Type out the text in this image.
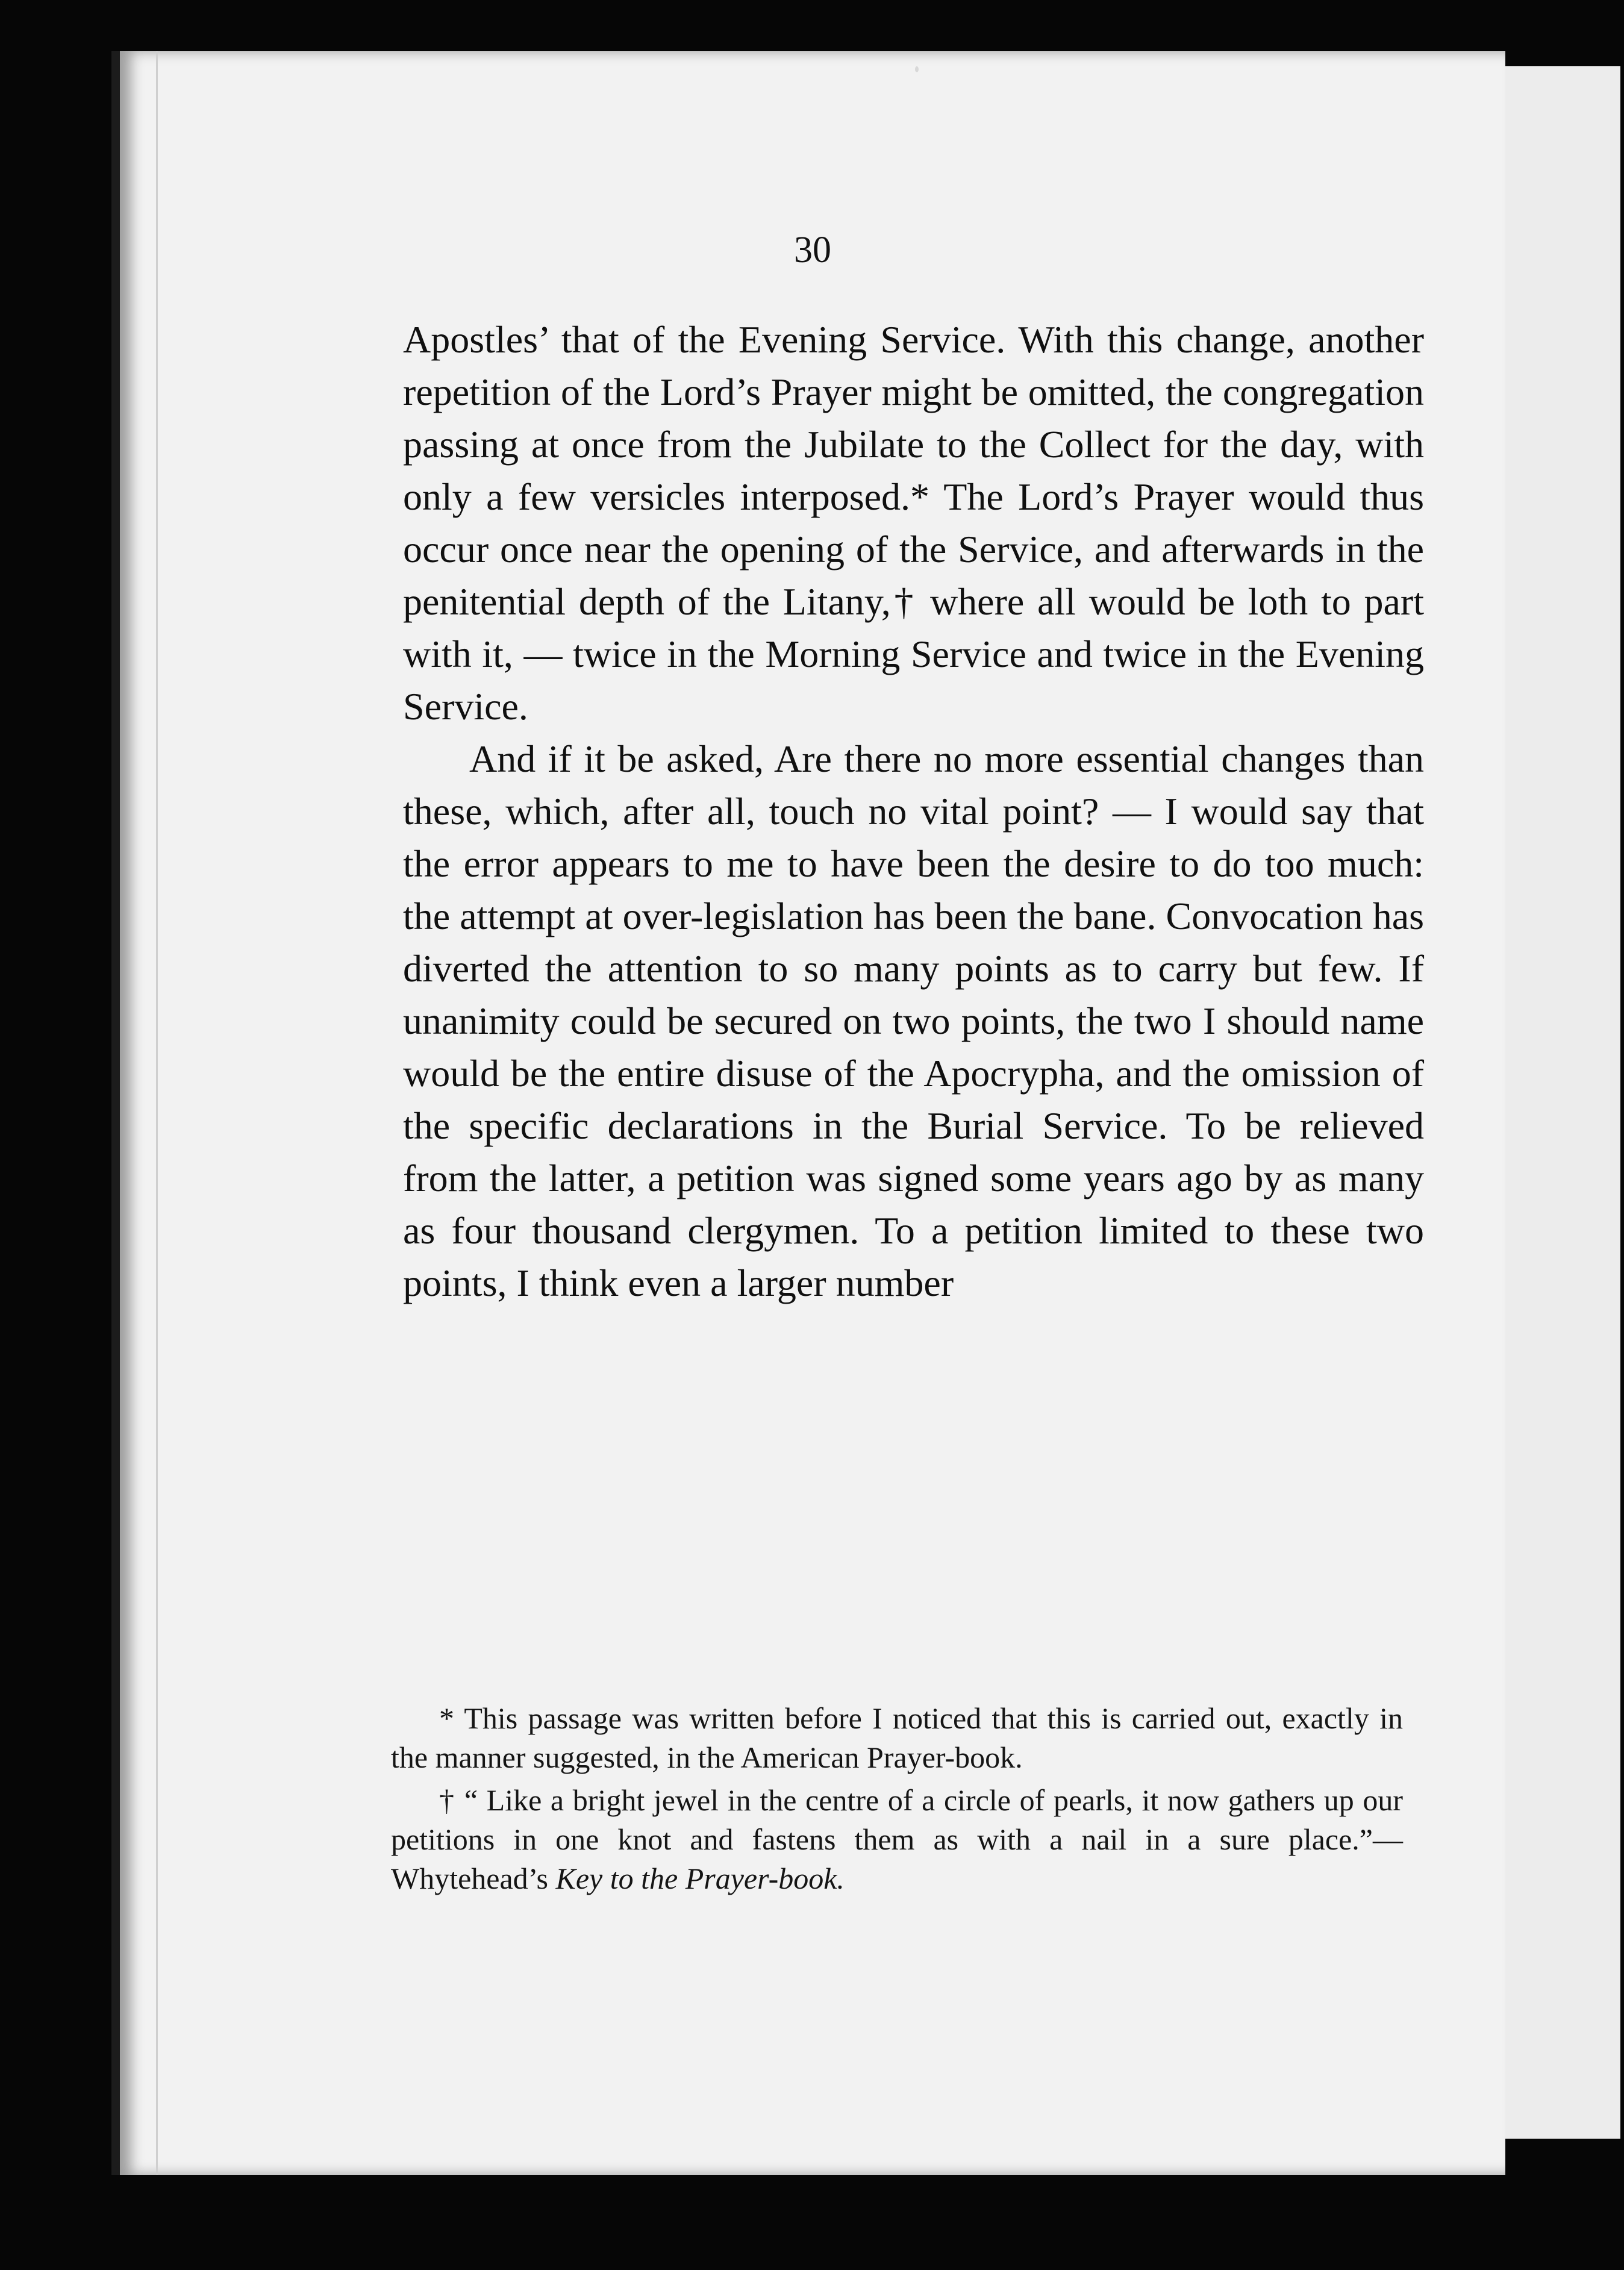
30

Apostles’ that of the Evening Service. With this change, another repetition of the Lord’s Prayer might be omitted, the congregation passing at once from the Jubilate to the Collect for the day, with only a few versicles interposed.* The Lord’s Prayer would thus occur once near the opening of the Service, and afterwards in the penitential depth of the Litany,† where all would be loth to part with it, — twice in the Morning Service and twice in the Evening Service.

And if it be asked, Are there no more essential changes than these, which, after all, touch no vital point? — I would say that the error appears to me to have been the desire to do too much: the attempt at over-legislation has been the bane. Convocation has diverted the attention to so many points as to carry but few. If unanimity could be secured on two points, the two I should name would be the entire disuse of the Apocrypha, and the omission of the specific declarations in the Burial Service. To be relieved from the latter, a petition was signed some years ago by as many as four thousand clergymen. To a petition limited to these two points, I think even a larger number

* This passage was written before I noticed that this is carried out, exactly in the manner suggested, in the American Prayer-book.

† “ Like a bright jewel in the centre of a circle of pearls, it now gathers up our petitions in one knot and fastens them as with a nail in a sure place.”—Whytehead’s Key to the Prayer-book.
